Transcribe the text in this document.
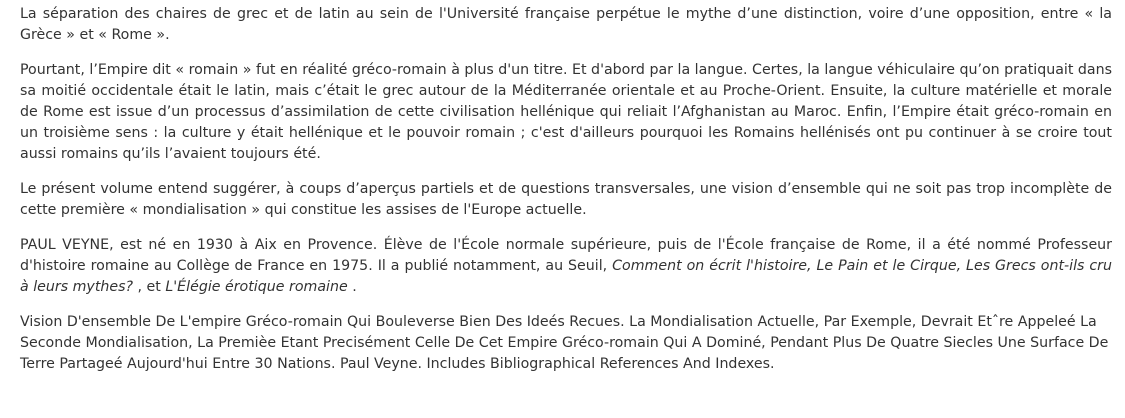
La séparation des chaires de grec et de latin au sein de l'Université française perpétue le mythe d’une distinction, voire d’une opposition, entre « la Grèce » et « Rome ».

Pourtant, l’Empire dit « romain » fut en réalité gréco-romain à plus d'un titre. Et d'abord par la langue. Certes, la langue véhiculaire qu’on pratiquait dans sa moitié occidentale était le latin, mais c’était le grec autour de la Méditerranée orientale et au Proche-Orient. Ensuite, la culture matérielle et morale de Rome est issue d’un processus d’assimilation de cette civilisation hellénique qui reliait l’Afghanistan au Maroc. Enfin, l’Empire était gréco-romain en un troisième sens : la culture y était hellénique et le pouvoir romain ; c'est d'ailleurs pourquoi les Romains hellénisés ont pu continuer à se croire tout aussi romains qu’ils l’avaient toujours été.

Le présent volume entend suggérer, à coups d’aperçus partiels et de questions transversales, une vision d’ensemble qui ne soit pas trop incomplète de cette première « mondialisation » qui constitue les assises de l'Europe actuelle.

PAUL VEYNE, est né en 1930 à Aix en Provence. Élève de l'École normale supérieure, puis de l'École française de Rome, il a été nommé Professeur d'histoire romaine au Collège de France en 1975. Il a publié notamment, au Seuil, Comment on écrit l'histoire, Le Pain et le Cirque, Les Grecs ont-ils cru à leurs mythes? , et L'Élégie érotique romaine .

Vision D'ensemble De L'empire Gréco-romain Qui Bouleverse Bien Des Ideés Recues. La Mondialisation Actuelle, Par Exemple, Devrait Etˆre Appeleé La Seconde Mondialisation, La Premièe Etant Precisément Celle De Cet Empire Gréco-romain Qui A Dominé, Pendant Plus De Quatre Siecles Une Surface De Terre Partageé Aujourd'hui Entre 30 Nations. Paul Veyne. Includes Bibliographical References And Indexes.
